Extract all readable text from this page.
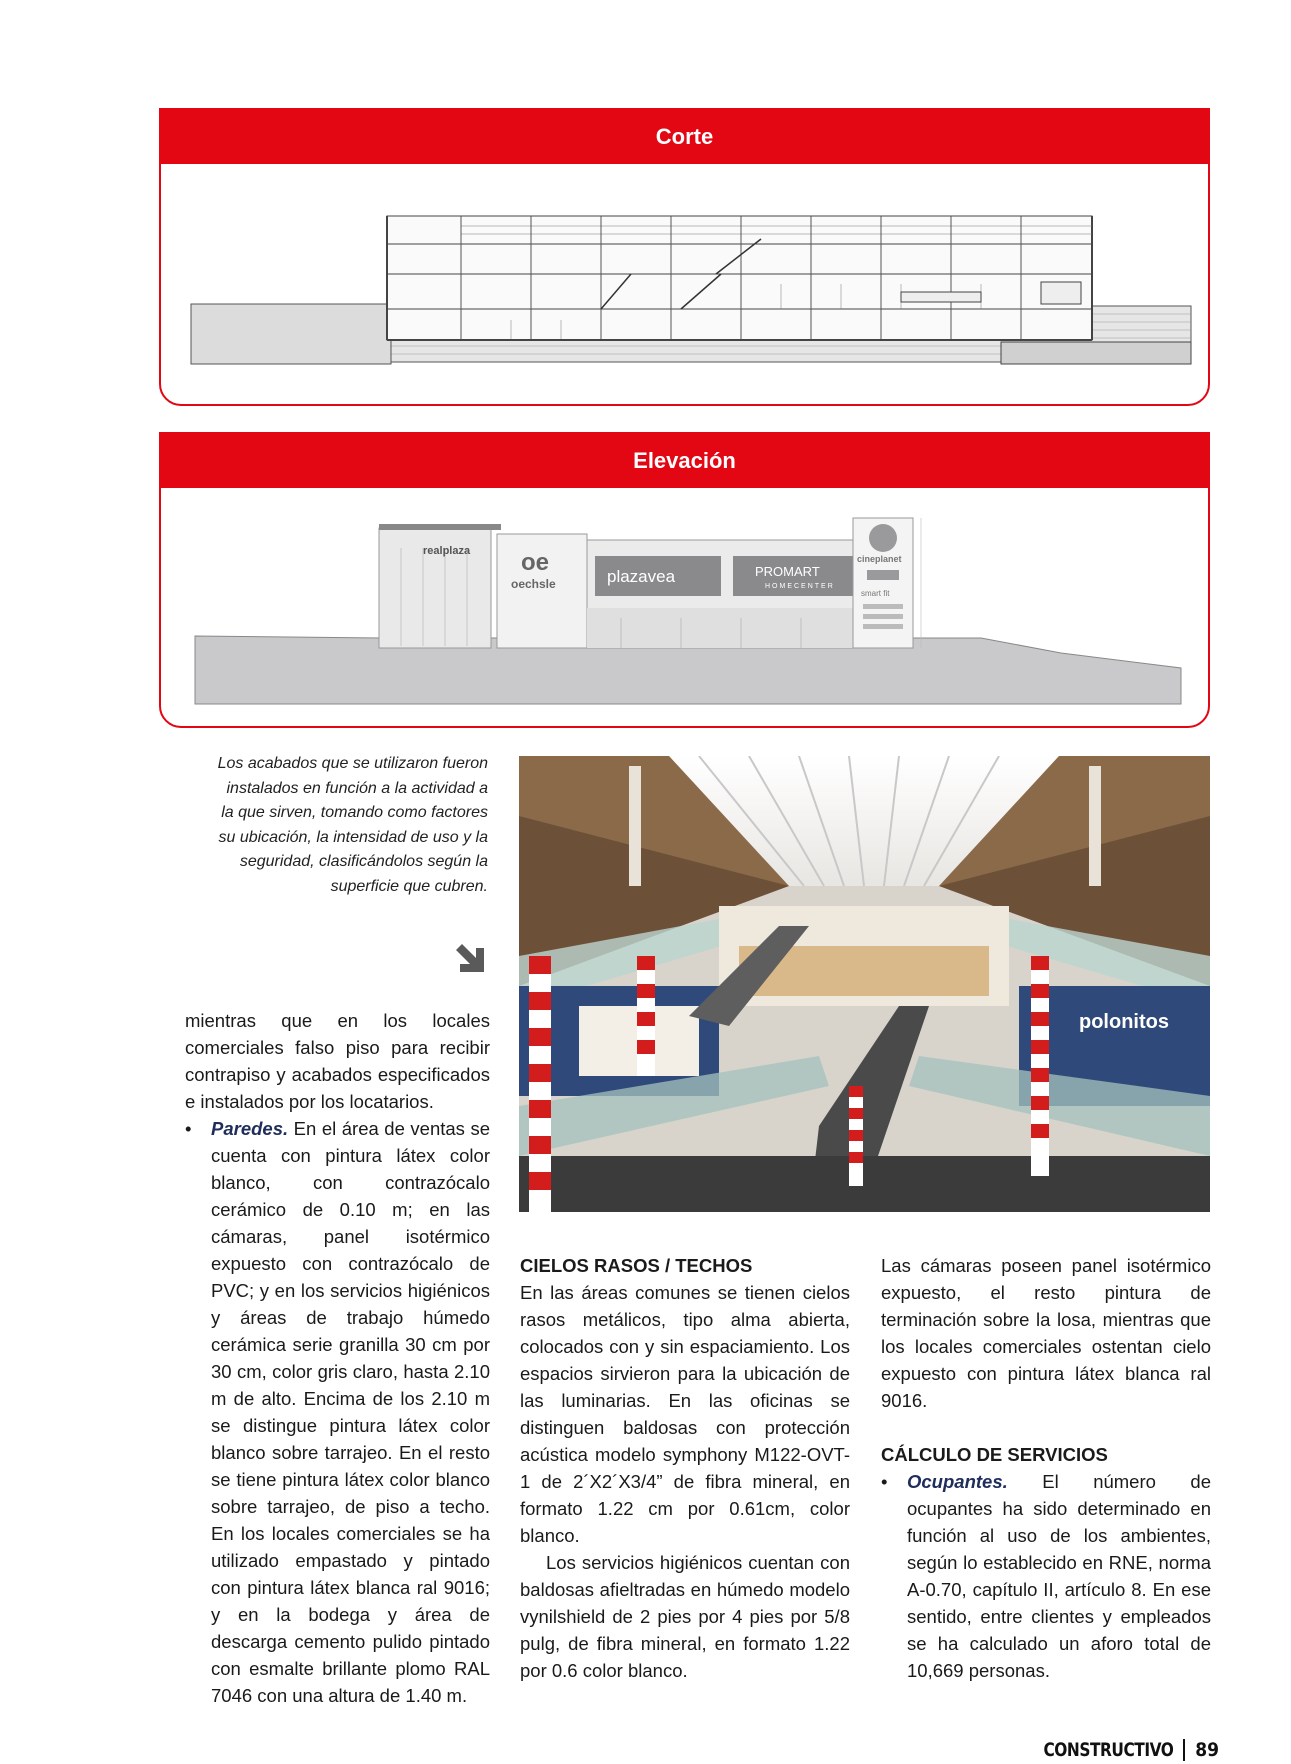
Corte
Elevación
realplaza oe
oechsle	plazavea	PROMART
HOMECENTER
cineplanet
smart fit
Los acabados que se utilizaron fueron instalados en función a la actividad a la que sirven, tomando como factores su ubicación, la intensidad de uso y la seguridad, clasificándolos según la superficie que cubren.
polonitos

mientras que en los locales comerciales falso piso para recibir contrapiso y acabados especificados e instalados por los locatarios.

• Paredes. En el área de ventas se cuenta con pintura látex color blanco, con contrazócalo cerámico de 0.10 m; en las cámaras, panel isotérmico expuesto con contrazócalo de PVC; y en los servicios higiénicos y áreas de trabajo húmedo cerámica serie granilla 30 cm por 30 cm, color gris claro, hasta 2.10 m de alto. Encima de los 2.10 m se distingue pintura látex color blanco sobre tarrajeo. En el resto se tiene pintura látex color blanco sobre tarrajeo, de piso a techo. En los locales comerciales se ha utilizado empastado y pintado con pintura látex blanca ral 9016; y en la bodega y área de descarga cemento pulido pintado con esmalte brillante plomo RAL 7046 con una altura de 1.40 m.

CIELOS RASOS / TECHOS

En las áreas comunes se tienen cielos rasos metálicos, tipo alma abierta, colocados con y sin espaciamiento. Los espacios sirvieron para la ubicación de las luminarias. En las oficinas se distinguen baldosas con protección acústica modelo symphony M122-OVT-1 de 2´X2´X3/4” de fibra mineral, en formato 1.22 cm por 0.61cm, color blanco.

Los servicios higiénicos cuentan con baldosas afieltradas en húmedo modelo vynilshield de 2 pies por 4 pies por 5/8 pulg, de fibra mineral, en formato 1.22 por 0.6 color blanco.

Las cámaras poseen panel isotérmico expuesto, el resto pintura de terminación sobre la losa, mientras que los locales comerciales ostentan cielo expuesto con pintura látex blanca ral 9016.

CÁLCULO DE SERVICIOS

• Ocupantes. El número de ocupantes ha sido determinado en función al uso de los ambientes, según lo establecido en RNE, norma A-0.70, capítulo II, artículo 8. En ese sentido, entre clientes y empleados se ha calculado un aforo total de 10,669 personas.

CONSTRUCTIVO 89
